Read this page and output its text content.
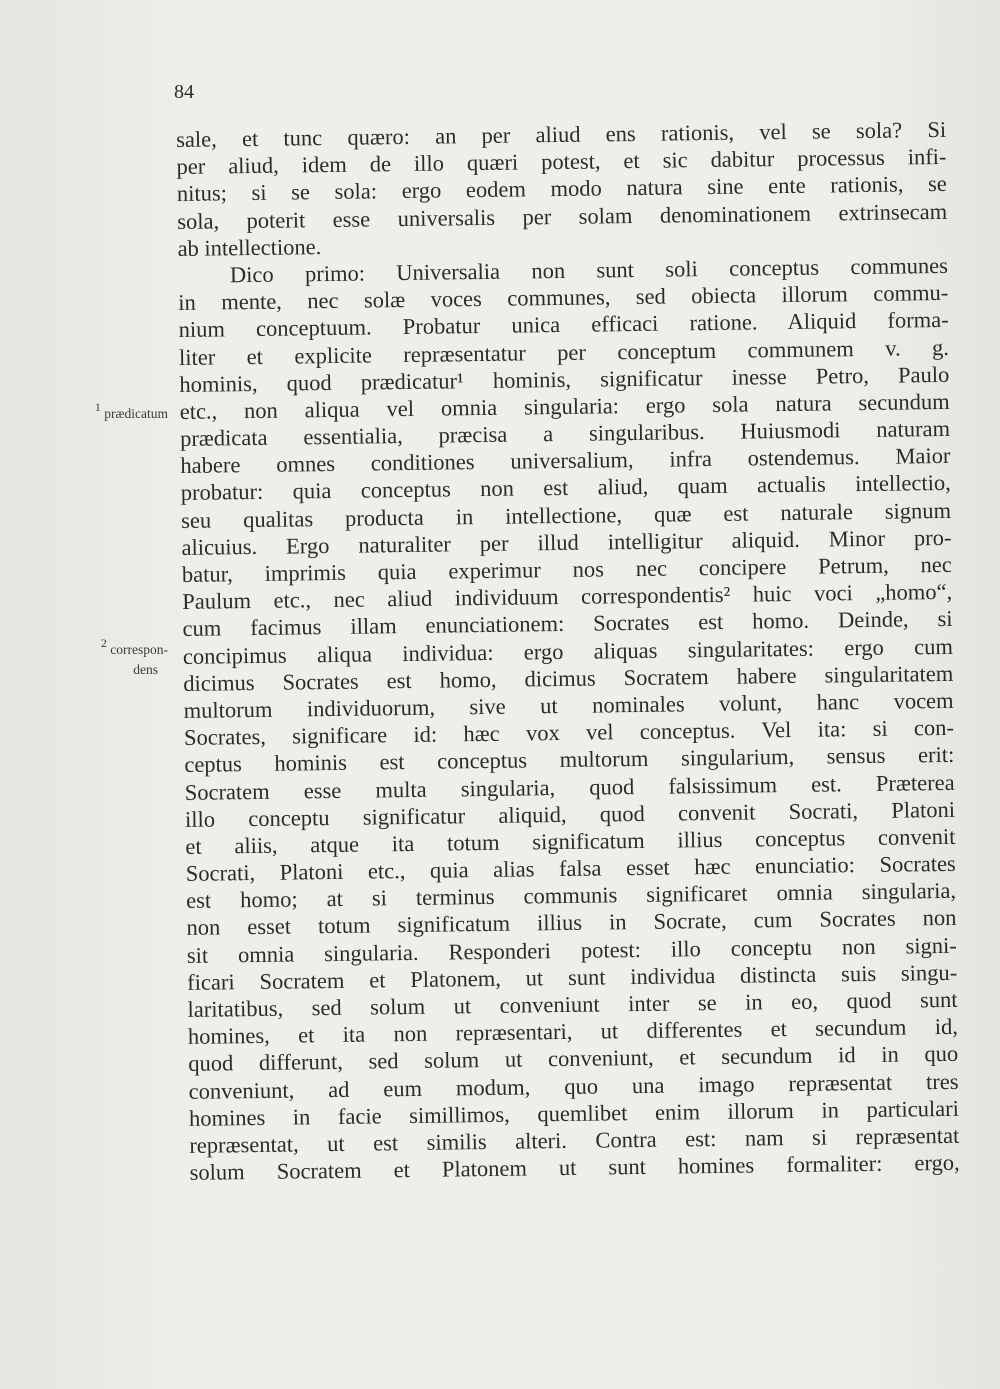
84
$^1$ prædicatum
$^2$ correspon-
dens
sale, et tunc quæro: an per aliud ens rationis, vel se sola? Si
per aliud, idem de illo quæri potest, et sic dabitur processus infi-
nitus; si se sola: ergo eodem modo natura sine ente rationis, se
sola, poterit esse universalis per solam denominationem extrinsecam
ab intellectione.
Dico primo: Universalia non sunt soli conceptus communes
in mente, nec solæ voces communes, sed obiecta illorum commu-
nium conceptuum. Probatur unica efficaci ratione. Aliquid forma-
liter et explicite repræsentatur per conceptum communem v. g.
hominis, quod prædicatur¹ hominis, significatur inesse Petro, Paulo
etc., non aliqua vel omnia singularia: ergo sola natura secundum
prædicata essentialia, præcisa a singularibus. Huiusmodi naturam
habere omnes conditiones universalium, infra ostendemus. Maior
probatur: quia conceptus non est aliud, quam actualis intellectio,
seu qualitas producta in intellectione, quæ est naturale signum
alicuius. Ergo naturaliter per illud intelligitur aliquid. Minor pro-
batur, imprimis quia experimur nos nec concipere Petrum, nec
Paulum etc., nec aliud individuum correspondentis² huic voci „homo“,
cum facimus illam enunciationem: Socrates est homo. Deinde, si
concipimus aliqua individua: ergo aliquas singularitates: ergo cum
dicimus Socrates est homo, dicimus Socratem habere singularitatem
multorum individuorum, sive ut nominales volunt, hanc vocem
Socrates, significare id: hæc vox vel conceptus. Vel ita: si con-
ceptus hominis est conceptus multorum singularium, sensus erit:
Socratem esse multa singularia, quod falsissimum est. Præterea
illo conceptu significatur aliquid, quod convenit Socrati, Platoni
et aliis, atque ita totum significatum illius conceptus convenit
Socrati, Platoni etc., quia alias falsa esset hæc enunciatio: Socrates
est homo; at si terminus communis significaret omnia singularia,
non esset totum significatum illius in Socrate, cum Socrates non
sit omnia singularia. Responderi potest: illo conceptu non signi-
ficari Socratem et Platonem, ut sunt individua distincta suis singu-
laritatibus, sed solum ut conveniunt inter se in eo, quod sunt
homines, et ita non repræsentari, ut differentes et secundum id,
quod differunt, sed solum ut conveniunt, et secundum id in quo
conveniunt, ad eum modum, quo una imago repræsentat tres
homines in facie simillimos, quemlibet enim illorum in particulari
repræsentat, ut est similis alteri. Contra est: nam si repræsentat
solum Socratem et Platonem ut sunt homines formaliter: ergo,
